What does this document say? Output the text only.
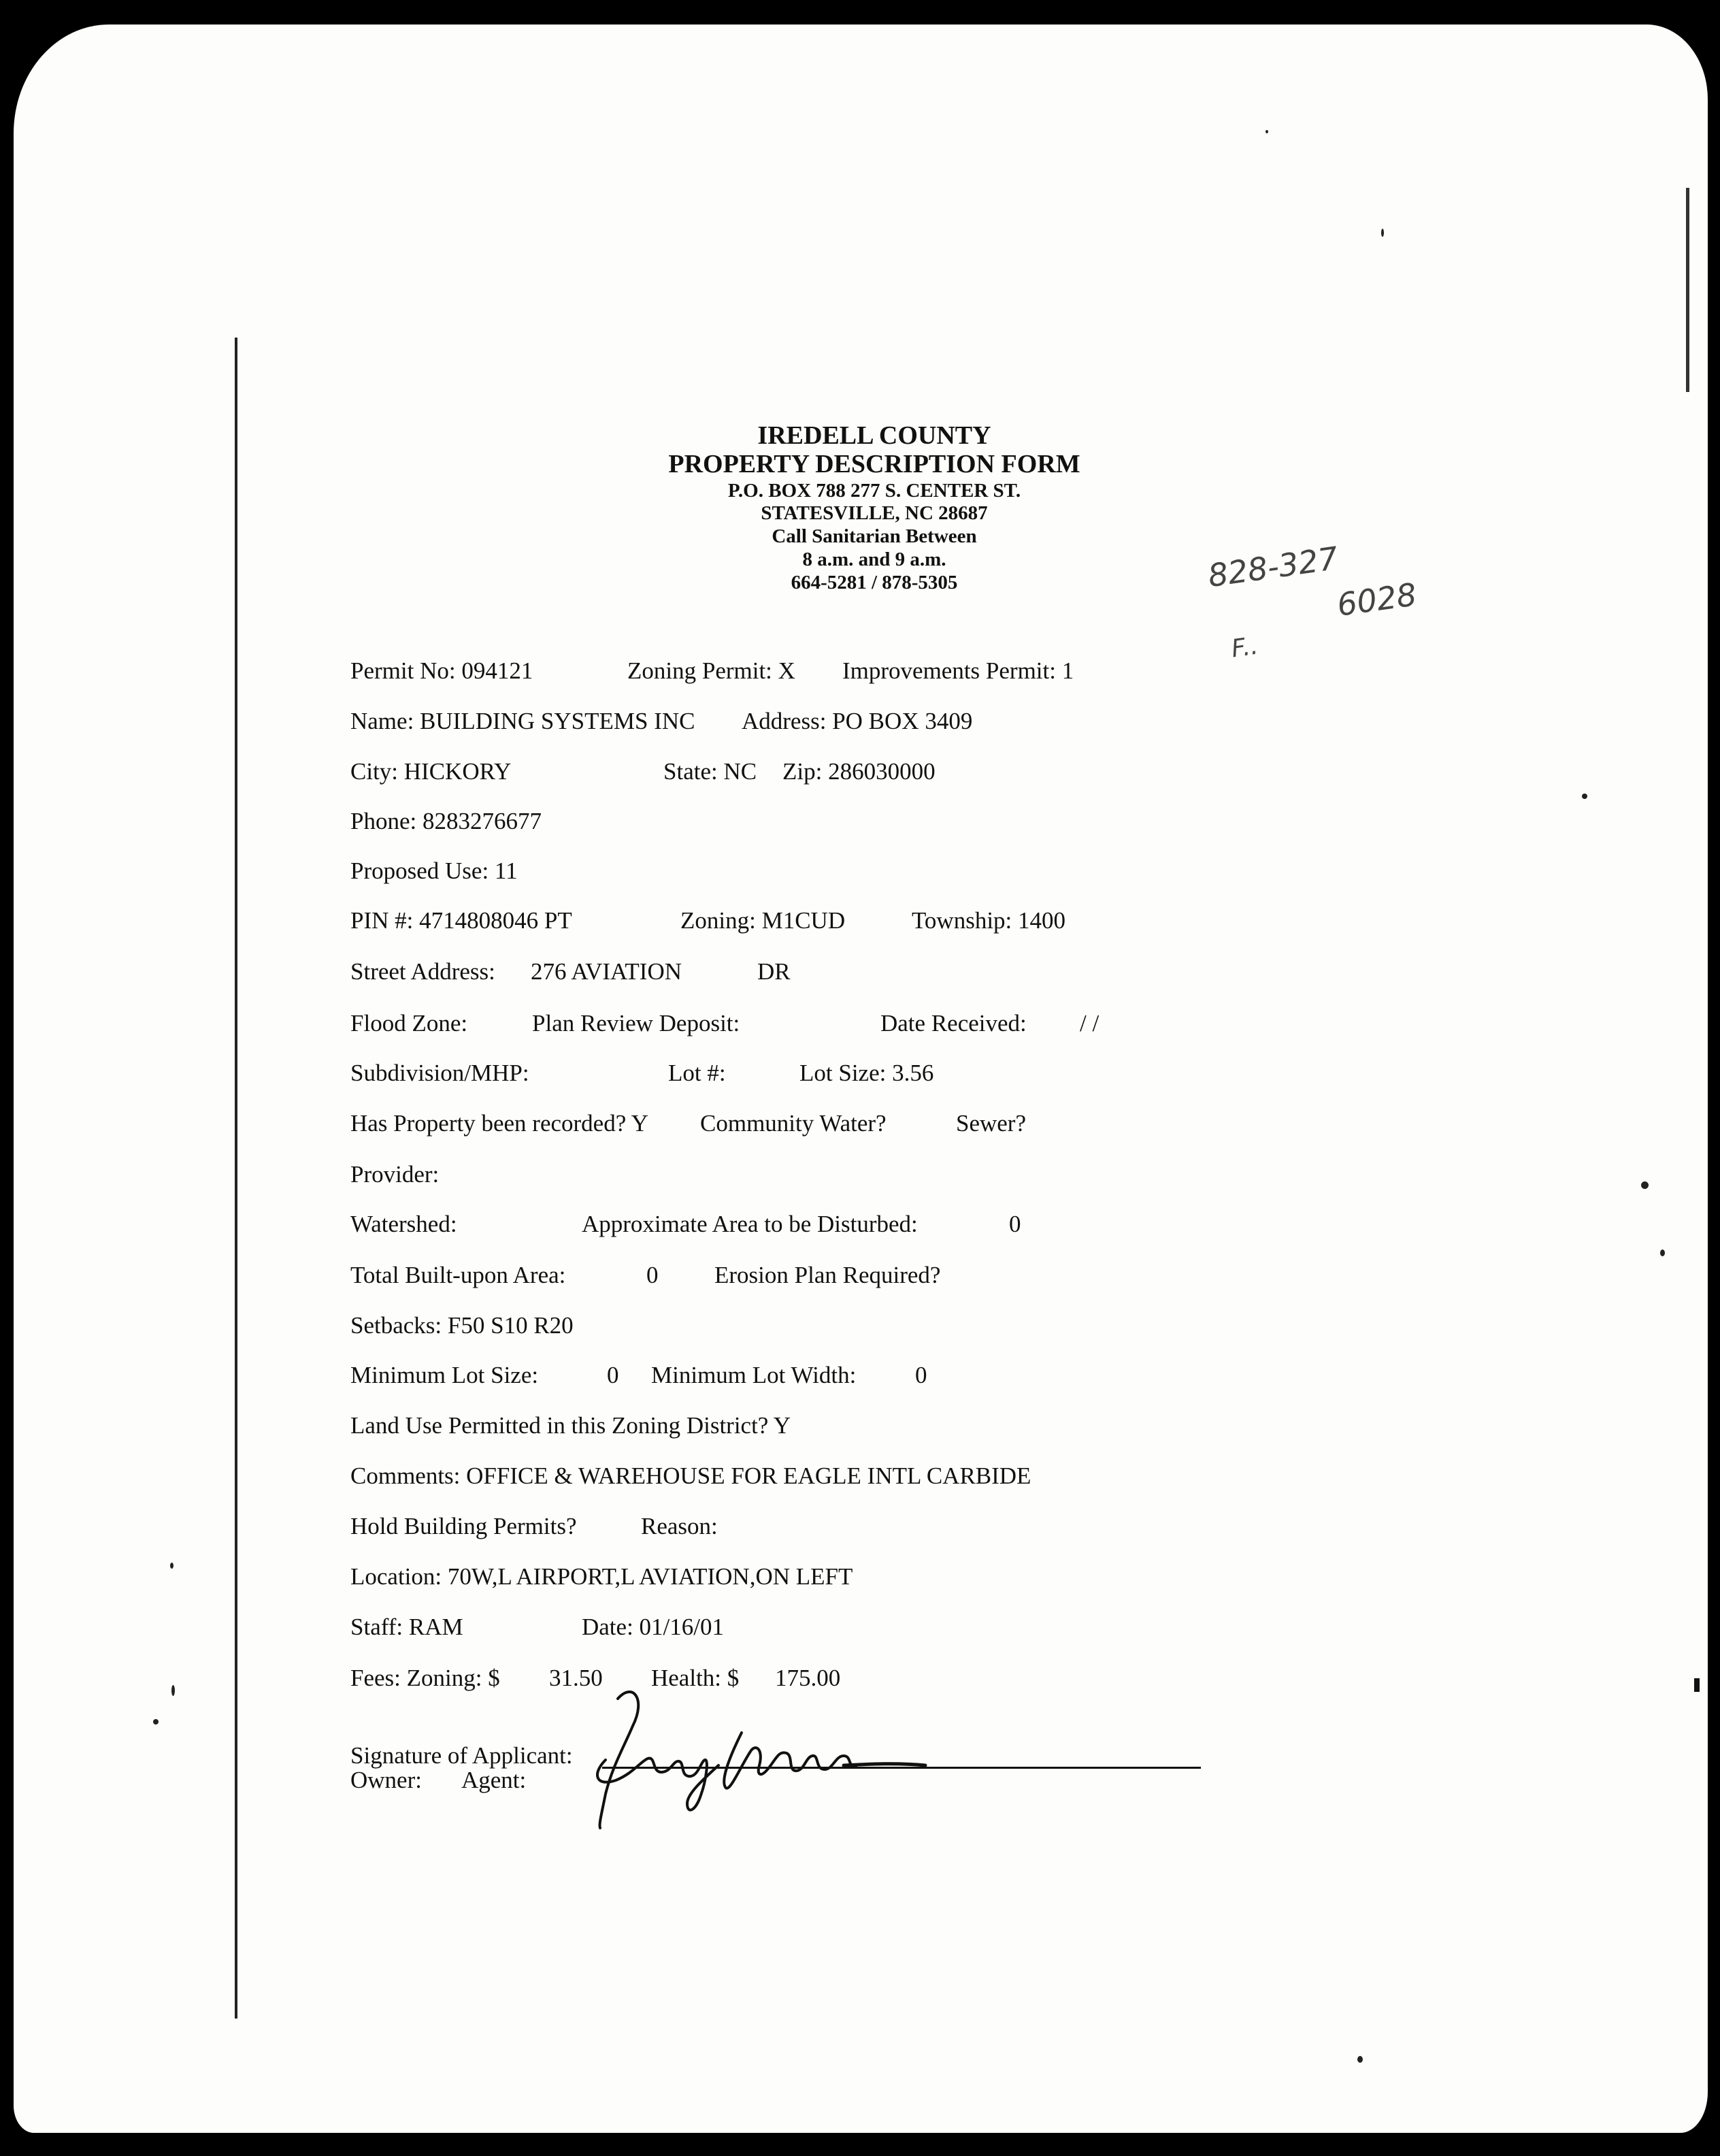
IREDELL COUNTY
PROPERTY DESCRIPTION FORM
P.O. BOX 788 277 S. CENTER ST.
STATESVILLE, NC 28687
Call Sanitarian Between
8 a.m. and 9 a.m.
664-5281 / 878-5305	828-327
6028
F..
Permit No: 094121	Zoning Permit: X Improvements Permit: 1
Name: BUILDING SYSTEMS INC Address: PO BOX 3409
City: HICKORY	State: NC Zip: 286030000
Phone: 8283276677
Proposed Use: 11
PIN #: 4714808046 PT	Zoning: M1CUD	Township: 1400
Street Address: 276 AVIATION	DR
Flood Zone:	Plan Review Deposit:	Date Received: / /
Subdivision/MHP:	Lot #:	Lot Size: 3.56
Has Property been recorded? Y Community Water?	Sewer?
Provider:
Watershed:	Approximate Area to be Disturbed:	0
Total Built-upon Area:	0 Erosion Plan Required?
Setbacks: F50 S10 R20
Minimum Lot Size:	0 Minimum Lot Width: 0
Land Use Permitted in this Zoning District? Y
Comments: OFFICE & WAREHOUSE FOR EAGLE INTL CARBIDE
Hold Building Permits?	Reason:
Location: 70W,L AIRPORT,L AVIATION,ON LEFT
Staff: RAM	Date: 01/16/01
Fees: Zoning: $ 31.50 Health: $ 175.00
Signature of Applicant:
Owner: Agent:
